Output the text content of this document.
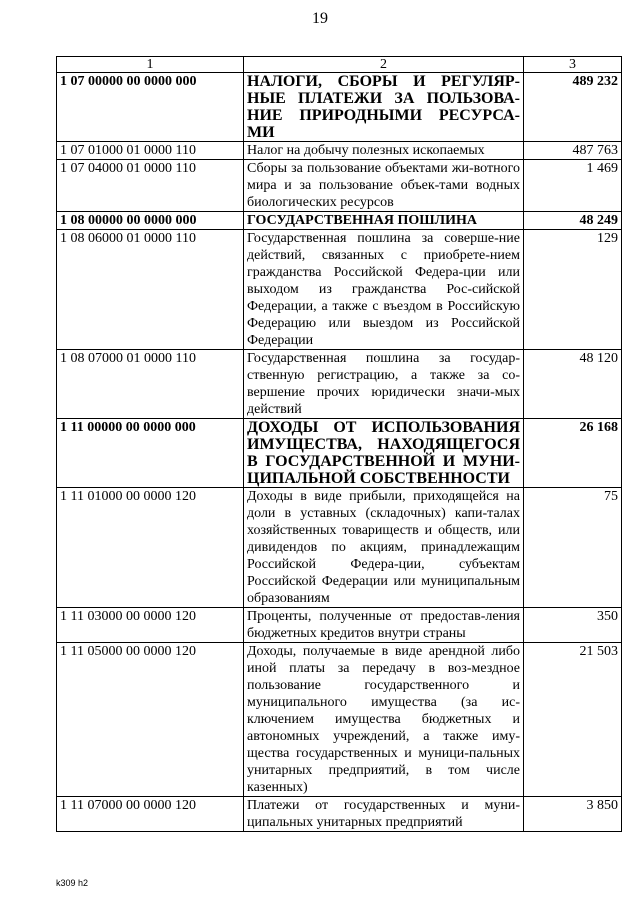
19
1	2	3
1 07 00000 00 0000 000	НАЛОГИ, СБОРЫ И РЕГУЛЯР-НЫЕ ПЛАТЕЖИ ЗА ПОЛЬЗОВА-НИЕ ПРИРОДНЫМИ РЕСУРСА-МИ	489 232
1 07 01000 01 0000 110	Налог на добычу полезных ископаемых	487 763
1 07 04000 01 0000 110	Сборы за пользование объектами жи-вотного мира и за пользование объек-тами водных биологических ресурсов	1 469
1 08 00000 00 0000 000	ГОСУДАРСТВЕННАЯ ПОШЛИНА	48 249
1 08 06000 01 0000 110	Государственная пошлина за соверше-ние действий, связанных с приобрете-нием гражданства Российской Федера-ции или выходом из гражданства Рос-сийской Федерации, а также с въездом в Российскую Федерацию или выездом из Российской Федерации	129
1 08 07000 01 0000 110	Государственная пошлина за государ-ственную регистрацию, а также за со-вершение прочих юридически значи-мых действий	48 120
1 11 00000 00 0000 000	ДОХОДЫ ОТ ИСПОЛЬЗОВАНИЯ ИМУЩЕСТВА, НАХОДЯЩЕГОСЯ В ГОСУДАРСТВЕННОЙ И МУНИ-ЦИПАЛЬНОЙ СОБСТВЕННОСТИ	26 168
1 11 01000 00 0000 120	Доходы в виде прибыли, приходящейся на доли в уставных (складочных) капи-талах хозяйственных товариществ и обществ, или дивидендов по акциям, принадлежащим Российской Федера-ции, субъектам Российской Федерации или муниципальным образованиям	75
1 11 03000 00 0000 120	Проценты, полученные от предостав-ления бюджетных кредитов внутри страны	350
1 11 05000 00 0000 120	Доходы, получаемые в виде арендной либо иной платы за передачу в воз-мездное пользование государственного и муниципального имущества (за ис-ключением имущества бюджетных и автономных учреждений, а также иму-щества государственных и муници-пальных унитарных предприятий, в том числе казенных)	21 503
1 11 07000 00 0000 120	Платежи от государственных и муни-ципальных унитарных предприятий	3 850
k309 h2
